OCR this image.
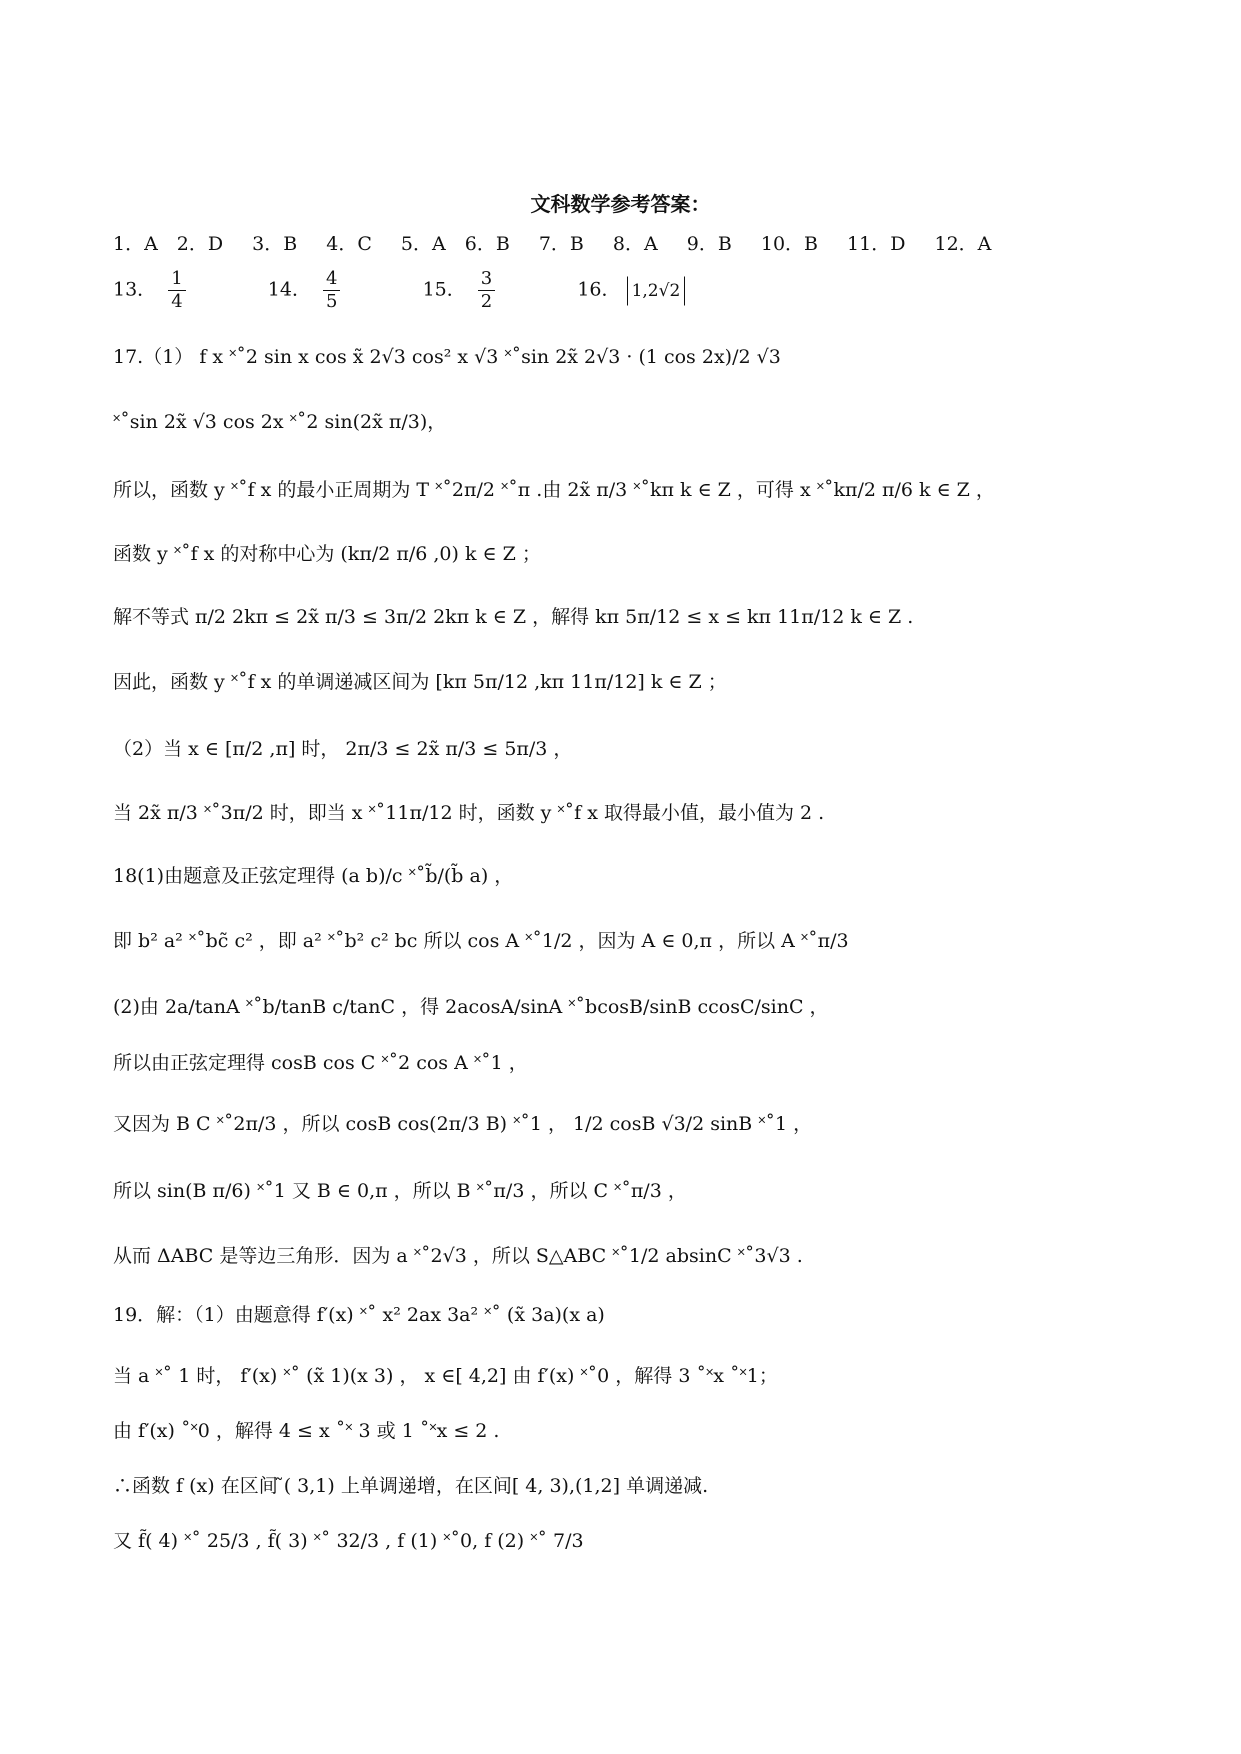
文科数学参考答案：
1．A　2．D　 3．B　 4．C　 5．A　6．B　 7．B　 8．A　 9．B　 10．B　 11．D　 12．A
13． $\frac{1}{4}$	14． $\frac{4}{5}$	15． $\frac{3}{2}$	16． 1,2√2
17.（1） f x ˟˚2 sin x cos x̃ 2√3 cos² x √3 ˟˚sin 2x̃ 2√3 · (1 cos 2x)/2 √3
˟˚sin 2x̃ √3 cos 2x ˟˚2 sin(2x̃ π/3)，
所以，函数 y ˟˚f x 的最小正周期为 T ˟˚2π/2 ˟˚π .由 2x̃ π/3 ˟˚kπ k ∈ Z ，可得 x ˟˚kπ/2 π/6 k ∈ Z ，
函数 y ˟˚f x 的对称中心为 (kπ/2 π/6 ,0) k ∈ Z ；
解不等式 π/2 2kπ ≤ 2x̃ π/3 ≤ 3π/2 2kπ k ∈ Z ，解得 kπ 5π/12 ≤ x ≤ kπ 11π/12 k ∈ Z .
因此，函数 y ˟˚f x 的单调递减区间为 [kπ 5π/12 ,kπ 11π/12] k ∈ Z ；
（2）当 x ∈ [π/2 ,π] 时， 2π/3 ≤ 2x̃ π/3 ≤ 5π/3 ，
当 2x̃ π/3 ˟˚3π/2 时，即当 x ˟˚11π/12 时，函数 y ˟˚f x 取得最小值，最小值为 2 .
18(1)由题意及正弦定理得 (a b)/c ˟˚b̃/(b̃ a) ，
即 b² a² ˟˚bc̃ c² ，即 a² ˟˚b² c² bc 所以 cos A ˟˚1/2 ，因为 A ∈ 0,π ，所以 A ˟˚π/3
(2)由 2a/tanA ˟˚b/tanB c/tanC ，得 2acosA/sinA ˟˚bcosB/sinB ccosC/sinC ，
所以由正弦定理得 cosB cos C ˟˚2 cos A ˟˚1 ，
又因为 B C ˟˚2π/3 ，所以 cosB cos(2π/3 B) ˟˚1 ， 1/2 cosB √3/2 sinB ˟˚1 ，
所以 sin(B π/6) ˟˚1 又 B ∈ 0,π ，所以 B ˟˚π/3 ，所以 C ˟˚π/3 ，
从而 ΔABC 是等边三角形．因为 a ˟˚2√3 ，所以 S△ABC ˟˚1/2 absinC ˟˚3√3 .
19．解：（1）由题意得 f′(x) ˟˚ x² 2ax 3a² ˟˚ (x̃ 3a)(x a)
当 a ˟˚ 1 时， f′(x) ˟˚ (x̃ 1)(x 3) ， x ∈[ 4,2] 由 f′(x) ˟˚0 ，解得 3 ˚˟x ˚˟1；
由 f′(x) ˚˟0 ，解得 4 ≤ x ˚˟ 3 或 1 ˚˟x ≤ 2 .
∴函数 f (x) 在区间 ̃( 3,1) 上单调递增，在区间[ 4, 3),(1,2] 单调递减.
又 f̃( 4) ˟˚ 25/3 , f̃( 3) ˟˚ 32/3 , f (1) ˟˚0, f (2) ˟˚ 7/3
